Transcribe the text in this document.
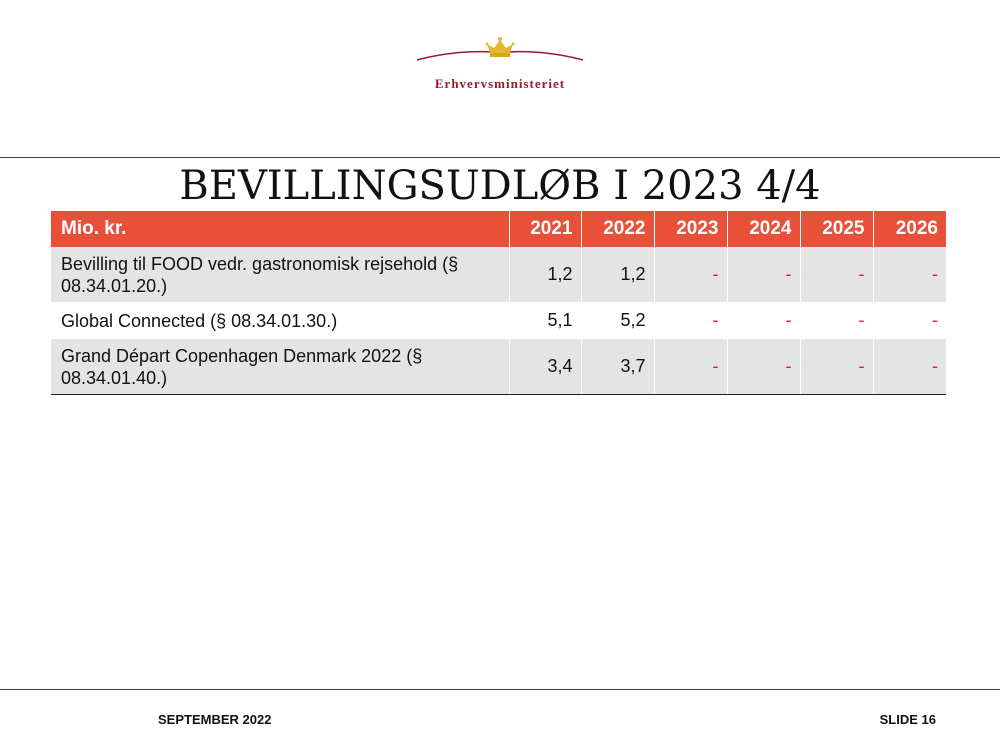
Erhvervsministeriet
BEVILLINGSUDLØB I 2023 4/4
Mio. kr.	2021	2022	2023	2024	2025	2026
Bevilling til FOOD vedr. gastronomisk rejsehold (§ 08.34.01.20.)	1,2	1,2	-	-	-	-
Global Connected (§ 08.34.01.30.)	5,1	5,2	-	-	-	-
Grand Départ Copenhagen Denmark 2022 (§ 08.34.01.40.)	3,4	3,7	-	-	-	-
SEPTEMBER 2022	SLIDE 16
